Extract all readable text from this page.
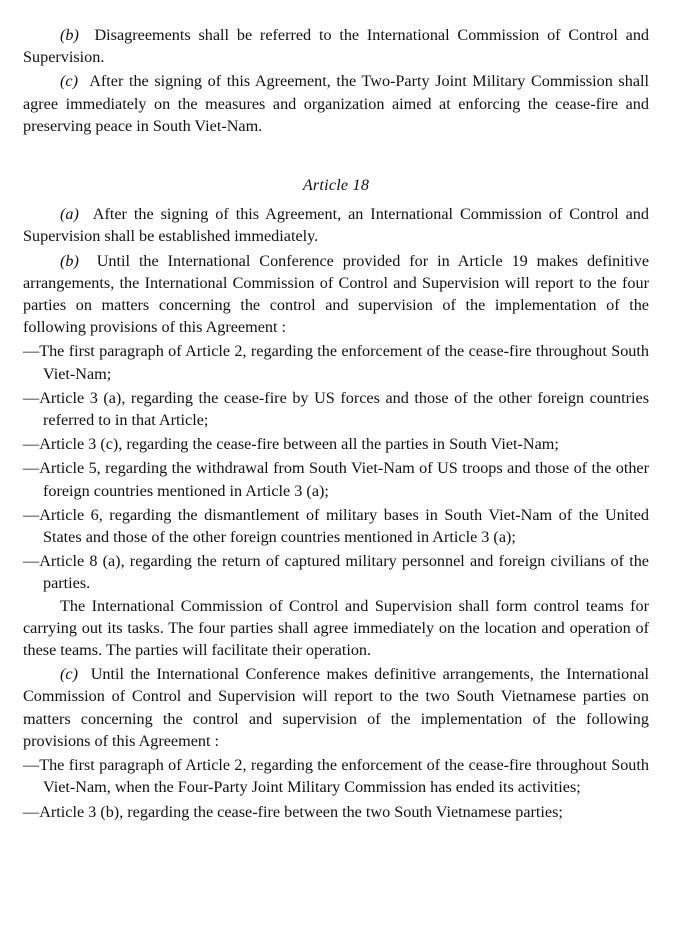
(b) Disagreements shall be referred to the International Commission of Control and Supervision.

(c) After the signing of this Agreement, the Two-Party Joint Military Commission shall agree immediately on the measures and organization aimed at enforcing the cease-fire and preserving peace in South Viet-Nam.

Article 18

(a) After the signing of this Agreement, an International Commission of Control and Supervision shall be established immediately.

(b) Until the International Conference provided for in Article 19 makes definitive arrangements, the International Commission of Control and Supervision will report to the four parties on matters concerning the control and supervision of the implementation of the following provisions of this Agreement :

—The first paragraph of Article 2, regarding the enforcement of the cease-fire throughout South Viet-Nam;

—Article 3 (a), regarding the cease-fire by US forces and those of the other foreign countries referred to in that Article;

—Article 3 (c), regarding the cease-fire between all the parties in South Viet-Nam;

—Article 5, regarding the withdrawal from South Viet-Nam of US troops and those of the other foreign countries mentioned in Article 3 (a);

—Article 6, regarding the dismantlement of military bases in South Viet-Nam of the United States and those of the other foreign countries mentioned in Article 3 (a);

—Article 8 (a), regarding the return of captured military personnel and foreign civilians of the parties.

The International Commission of Control and Supervision shall form control teams for carrying out its tasks. The four parties shall agree immediately on the location and operation of these teams. The parties will facilitate their operation.

(c) Until the International Conference makes definitive arrangements, the International Commission of Control and Supervision will report to the two South Vietnamese parties on matters concerning the control and supervision of the implementation of the following provisions of this Agreement :

—The first paragraph of Article 2, regarding the enforcement of the cease-fire throughout South Viet-Nam, when the Four-Party Joint Military Commission has ended its activities;

—Article 3 (b), regarding the cease-fire between the two South Vietnamese parties;
